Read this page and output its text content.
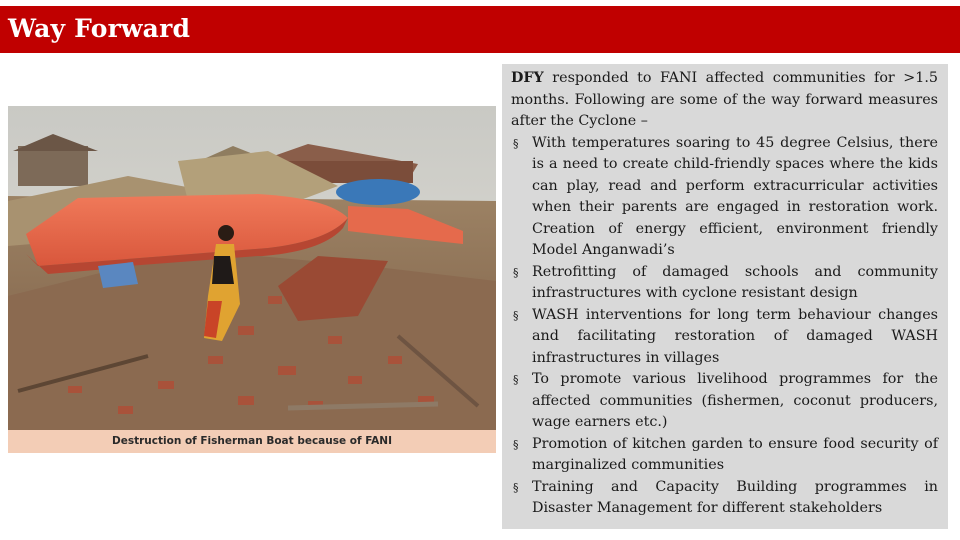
Way Forward
Destruction of Fisherman Boat because of FANI

DFY responded to FANI affected communities for >1.5 months. Following are some of the way forward measures after the Cyclone –

§ With temperatures soaring to 45 degree Celsius, there is a need to create child-friendly spaces where the kids can play, read and perform extracurricular activities when their parents are engaged in restoration work. Creation of energy efficient, environment friendly Model Anganwadi’s
§ Retrofitting of damaged schools and community infrastructures with cyclone resistant design
§ WASH interventions for long term behaviour changes and facilitating restoration of damaged WASH infrastructures in villages
§ To promote various livelihood programmes for the affected communities (fishermen, coconut producers, wage earners etc.)
§ Promotion of kitchen garden to ensure food security of marginalized communities
§ Training and Capacity Building programmes in Disaster Management for different stakeholders
